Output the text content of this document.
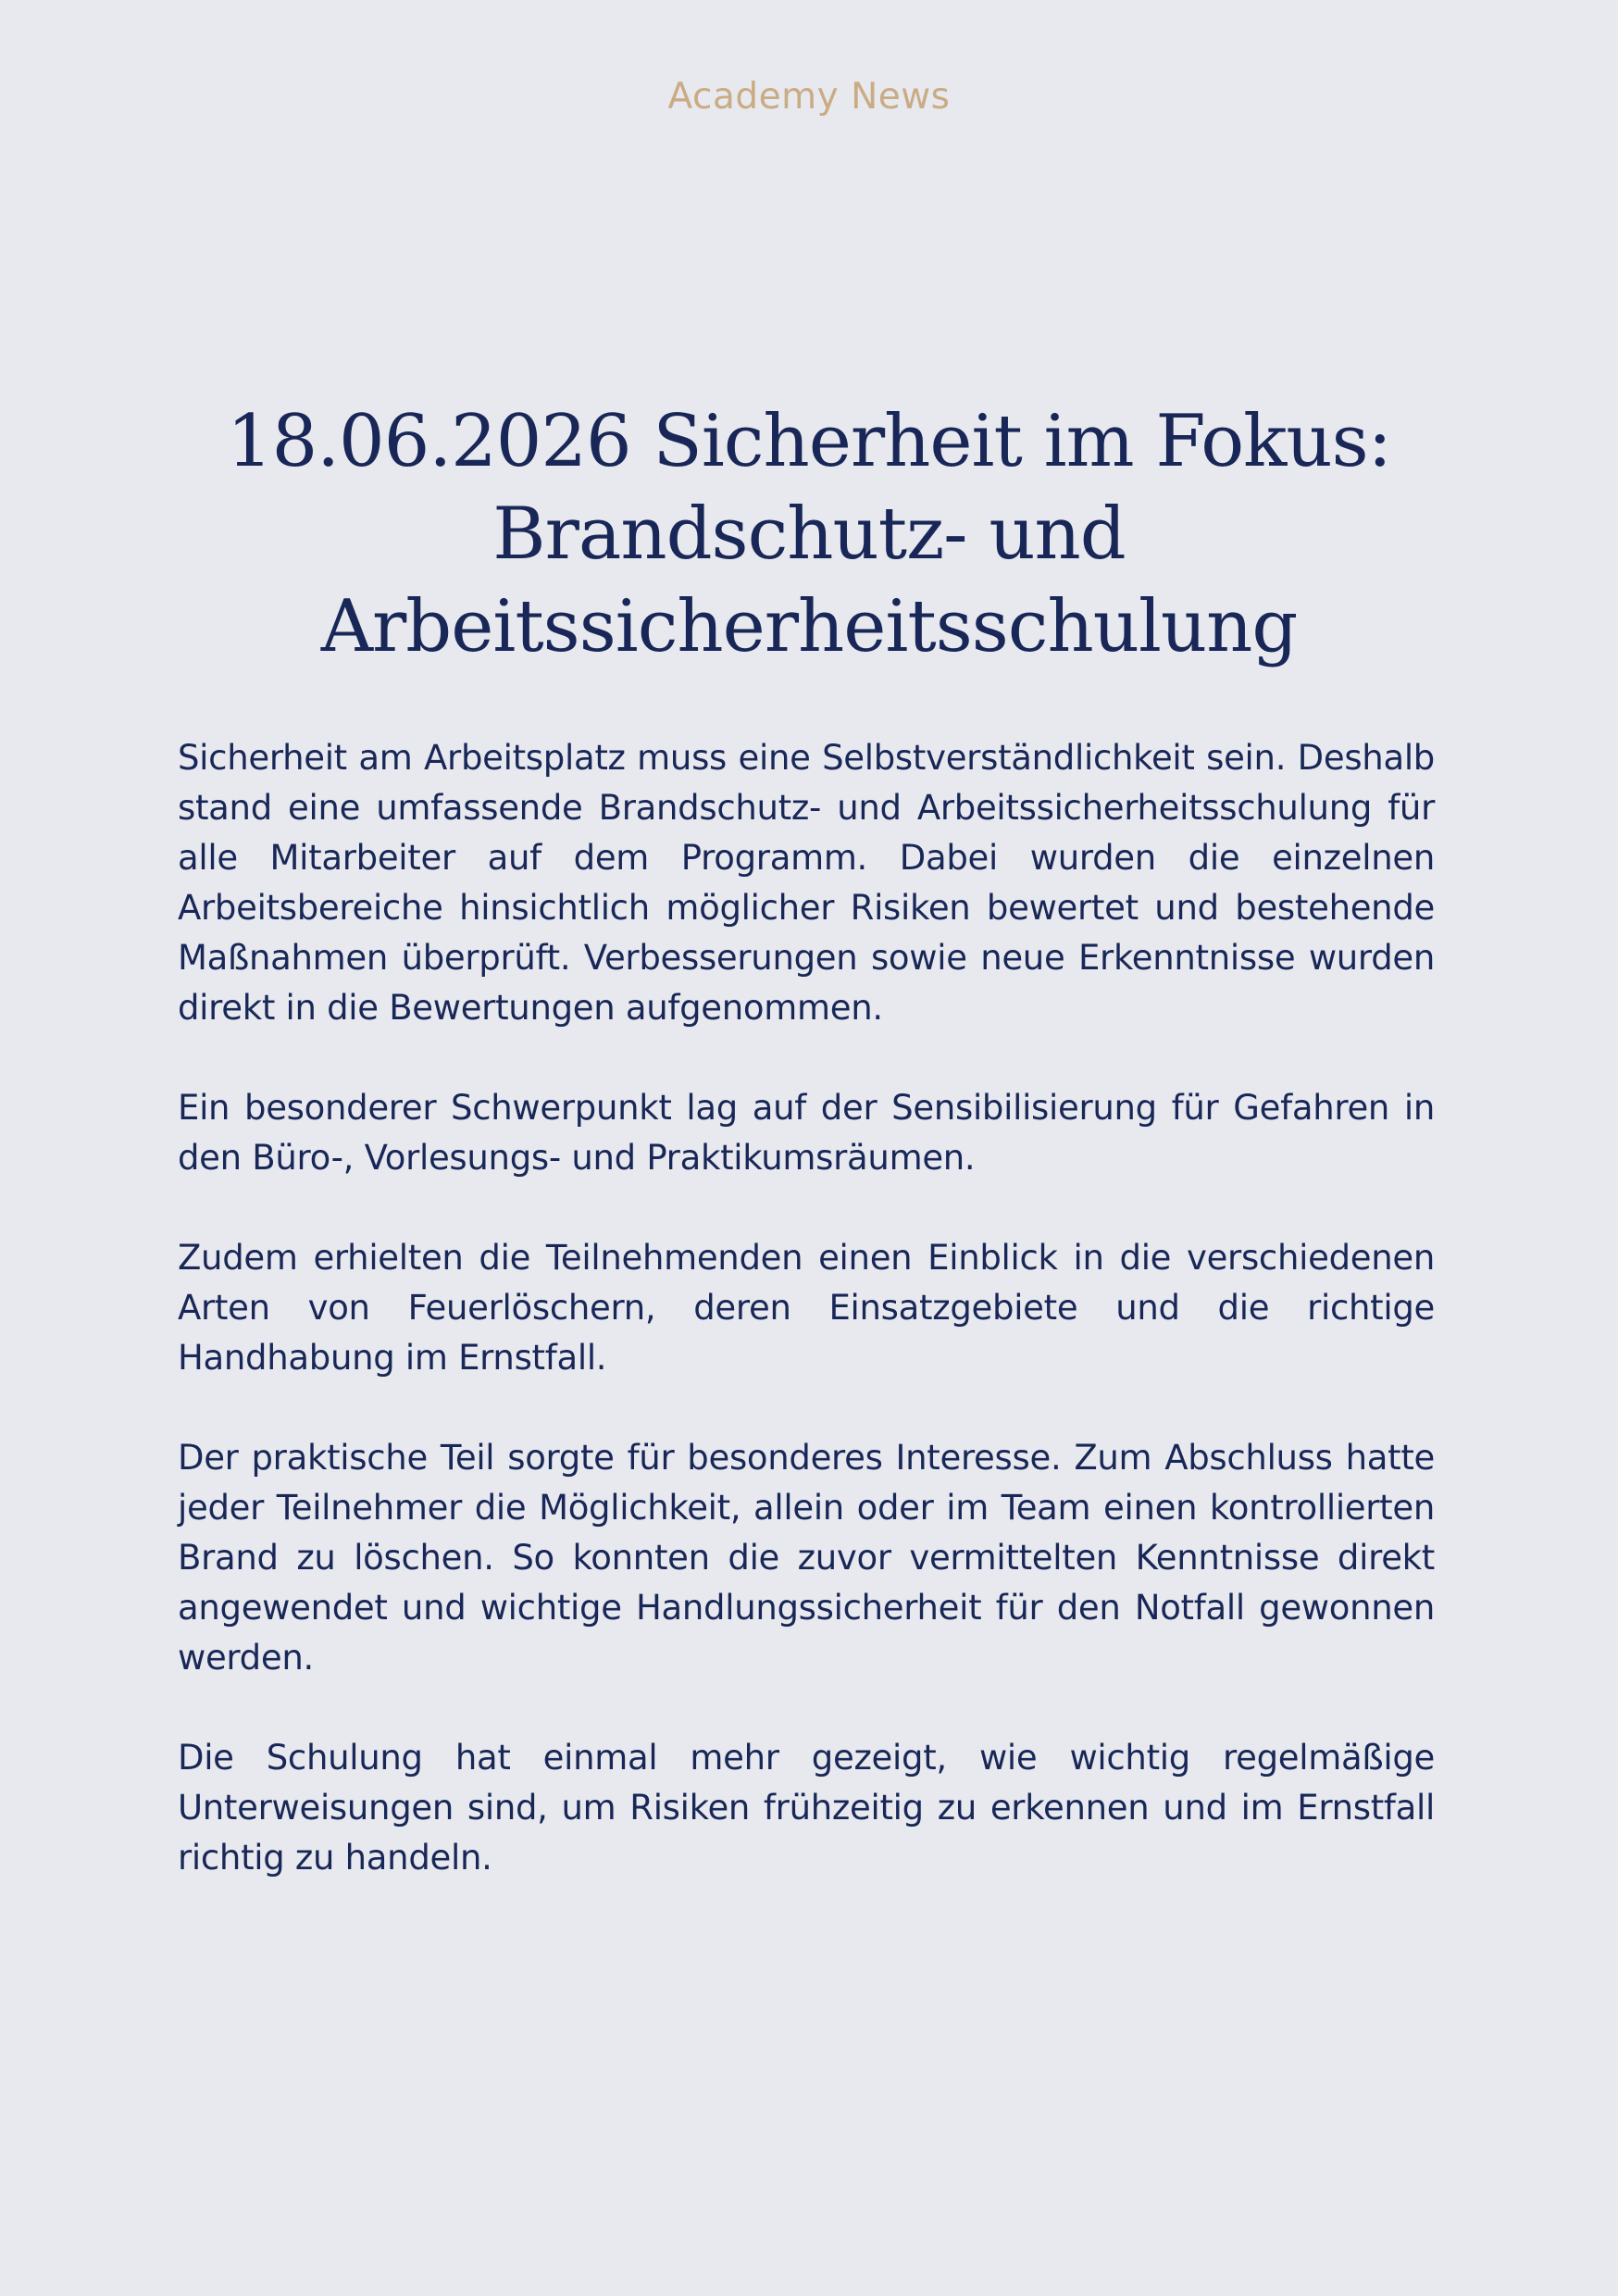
Academy News
18.06.2026 Sicherheit im Fokus:
Brandschutz- und
Arbeitssicherheitsschulung

Sicherheit am Arbeitsplatz muss eine Selbstverständlichkeit sein. Deshalb stand eine umfassende Brandschutz- und Arbeitssicherheitsschulung für alle Mitarbeiter auf dem Programm. Dabei wurden die einzelnen Arbeitsbereiche hinsichtlich möglicher Risiken bewertet und bestehende Maßnahmen überprüft. Verbesserungen sowie neue Erkenntnisse wurden direkt in die Bewertungen aufgenommen.

Ein besonderer Schwerpunkt lag auf der Sensibilisierung für Gefahren in den Büro-, Vorlesungs- und Praktikumsräumen.

Zudem erhielten die Teilnehmenden einen Einblick in die verschiedenen Arten von Feuerlöschern, deren Einsatzgebiete und die richtige Handhabung im Ernstfall.

Der praktische Teil sorgte für besonderes Interesse. Zum Abschluss hatte jeder Teilnehmer die Möglichkeit, allein oder im Team einen kontrollierten Brand zu löschen. So konnten die zuvor vermittelten Kenntnisse direkt angewendet und wichtige Handlungssicherheit für den Notfall gewonnen werden.

Die Schulung hat einmal mehr gezeigt, wie wichtig regelmäßige Unterweisungen sind, um Risiken frühzeitig zu erkennen und im Ernstfall richtig zu handeln.
